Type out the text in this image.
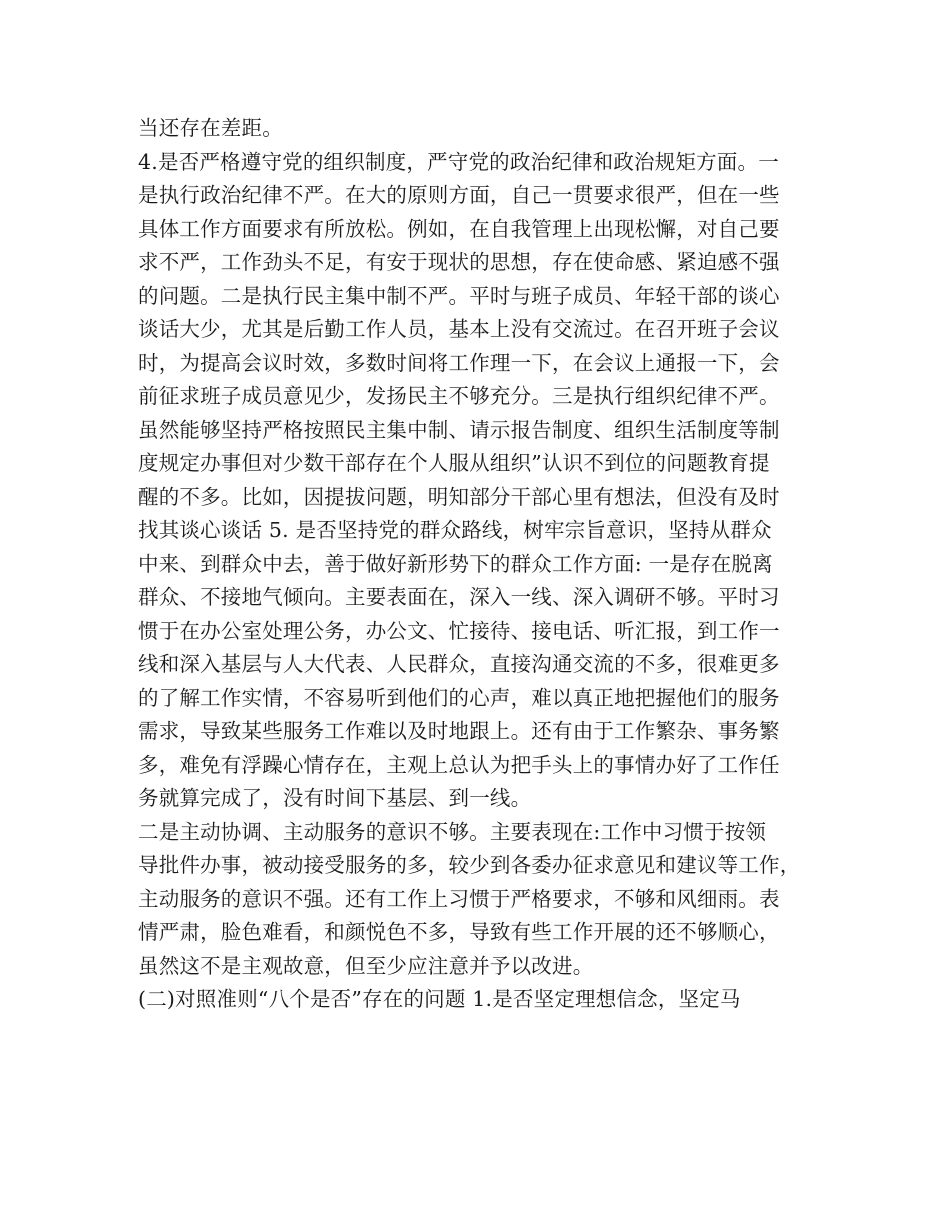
当还存在差距。
4.是否严格遵守党的组织制度，严守党的政治纪律和政治规矩方面。一
是执行政治纪律不严。在大的原则方面，自己一贯要求很严，但在一些
具体工作方面要求有所放松。例如，在自我管理上出现松懈，对自己要
求不严，工作劲头不足，有安于现状的思想，存在使命感、紧迫感不强
的问题。二是执行民主集中制不严。平时与班子成员、年轻干部的谈心
谈话大少，尤其是后勤工作人员，基本上没有交流过。在召开班子会议
时，为提高会议时效，多数时间将工作理一下，在会议上通报一下，会
前征求班子成员意见少，发扬民主不够充分。三是执行组织纪律不严。
虽然能够坚持严格按照民主集中制、请示报告制度、组织生活制度等制
度规定办事但对少数干部存在个人服从组织”认识不到位的问题教育提
醒的不多。比如，因提拔问题，明知部分干部心里有想法，但没有及时
找其谈心谈话 5. 是否坚持党的群众路线，树牢宗旨意识，坚持从群众
中来、到群众中去，善于做好新形势下的群众工作方面: 一是存在脱离
群众、不接地气倾向。主要表面在，深入一线、深入调研不够。平时习
惯于在办公室处理公务，办公文、忙接待、接电话、听汇报，到工作一
线和深入基层与人大代表、人民群众，直接沟通交流的不多，很难更多
的了解工作实情，不容易听到他们的心声，难以真正地把握他们的服务
需求，导致某些服务工作难以及时地跟上。还有由于工作繁杂、事务繁
多，难免有浮躁心情存在，主观上总认为把手头上的事情办好了工作任
务就算完成了，没有时间下基层、到一线。
二是主动协调、主动服务的意识不够。主要表现在:工作中习惯于按领
导批件办事，被动接受服务的多，较少到各委办征求意见和建议等工作，
主动服务的意识不强。还有工作上习惯于严格要求，不够和风细雨。表
情严肃，脸色难看，和颜悦色不多，导致有些工作开展的还不够顺心，
虽然这不是主观故意，但至少应注意并予以改进。
(二)对照准则“八个是否”存在的问题 1.是否坚定理想信念，坚定马
